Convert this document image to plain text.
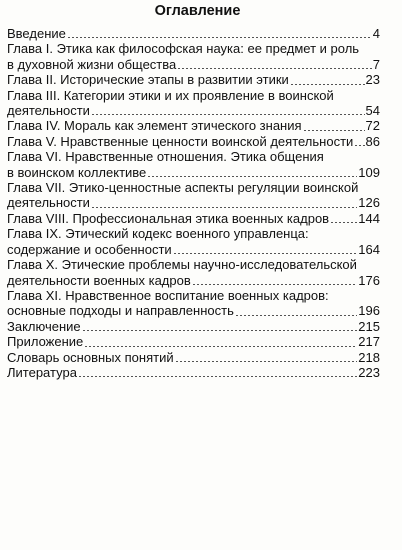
Оглавление
Введение	4
Глава I. Этика как философская наука: ее предмет и роль
в духовной жизни общества	7
Глава II. Исторические этапы в развитии этики	23
Глава III. Категории этики и их проявление в воинской
деятельности	54
Глава IV. Мораль как элемент этического знания	72
Глава V. Нравственные ценности воинской деятельности 86
Глава VI. Нравственные отношения. Этика общения
в воинском коллективе	109
Глава VII. Этико-ценностные аспекты регуляции воинской
деятельности	126
Глава VIII. Профессиональная этика военных кадров 144
Глава IX. Этический кодекс военного управленца:
содержание и особенности	164
Глава X. Этические проблемы научно-исследовательской
деятельности военных кадров	176
Глава XI. Нравственное воспитание военных кадров:
основные подходы и направленность	196
Заключение	215
Приложение	217
Словарь основных понятий	218
Литература	223
